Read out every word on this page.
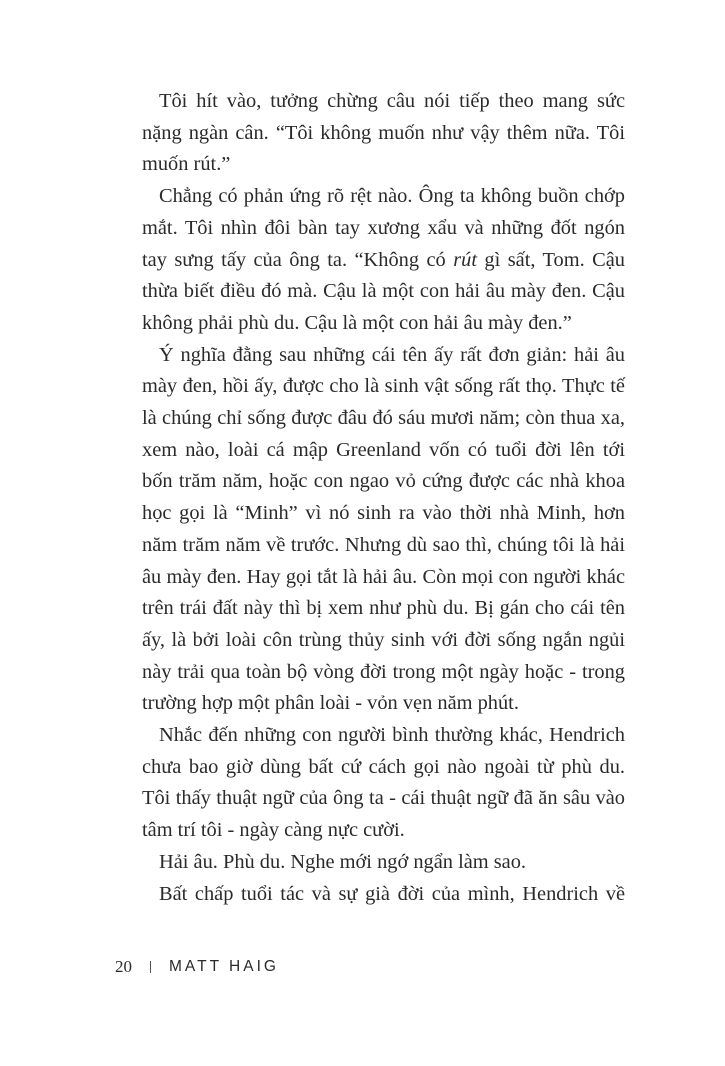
Tôi hít vào, tưởng chừng câu nói tiếp theo mang sức nặng ngàn cân. “Tôi không muốn như vậy thêm nữa. Tôi muốn rút.”

Chẳng có phản ứng rõ rệt nào. Ông ta không buồn chớp mắt. Tôi nhìn đôi bàn tay xương xẩu và những đốt ngón tay sưng tấy của ông ta. “Không có rút gì sất, Tom. Cậu thừa biết điều đó mà. Cậu là một con hải âu mày đen. Cậu không phải phù du. Cậu là một con hải âu mày đen.”

Ý nghĩa đằng sau những cái tên ấy rất đơn giản: hải âu mày đen, hồi ấy, được cho là sinh vật sống rất thọ. Thực tế là chúng chỉ sống được đâu đó sáu mươi năm; còn thua xa, xem nào, loài cá mập Greenland vốn có tuổi đời lên tới bốn trăm năm, hoặc con ngao vỏ cứng được các nhà khoa học gọi là “Minh” vì nó sinh ra vào thời nhà Minh, hơn năm trăm năm về trước. Nhưng dù sao thì, chúng tôi là hải âu mày đen. Hay gọi tắt là hải âu. Còn mọi con người khác trên trái đất này thì bị xem như phù du. Bị gán cho cái tên ấy, là bởi loài côn trùng thủy sinh với đời sống ngắn ngủi này trải qua toàn bộ vòng đời trong một ngày hoặc - trong trường hợp một phân loài - vỏn vẹn năm phút.

Nhắc đến những con người bình thường khác, Hendrich chưa bao giờ dùng bất cứ cách gọi nào ngoài từ phù du. Tôi thấy thuật ngữ của ông ta - cái thuật ngữ đã ăn sâu vào tâm trí tôi - ngày càng nực cười.

Hải âu. Phù du. Nghe mới ngớ ngẩn làm sao.

Bất chấp tuổi tác và sự già đời của mình, Hendrich về

20 MATT HAIG
